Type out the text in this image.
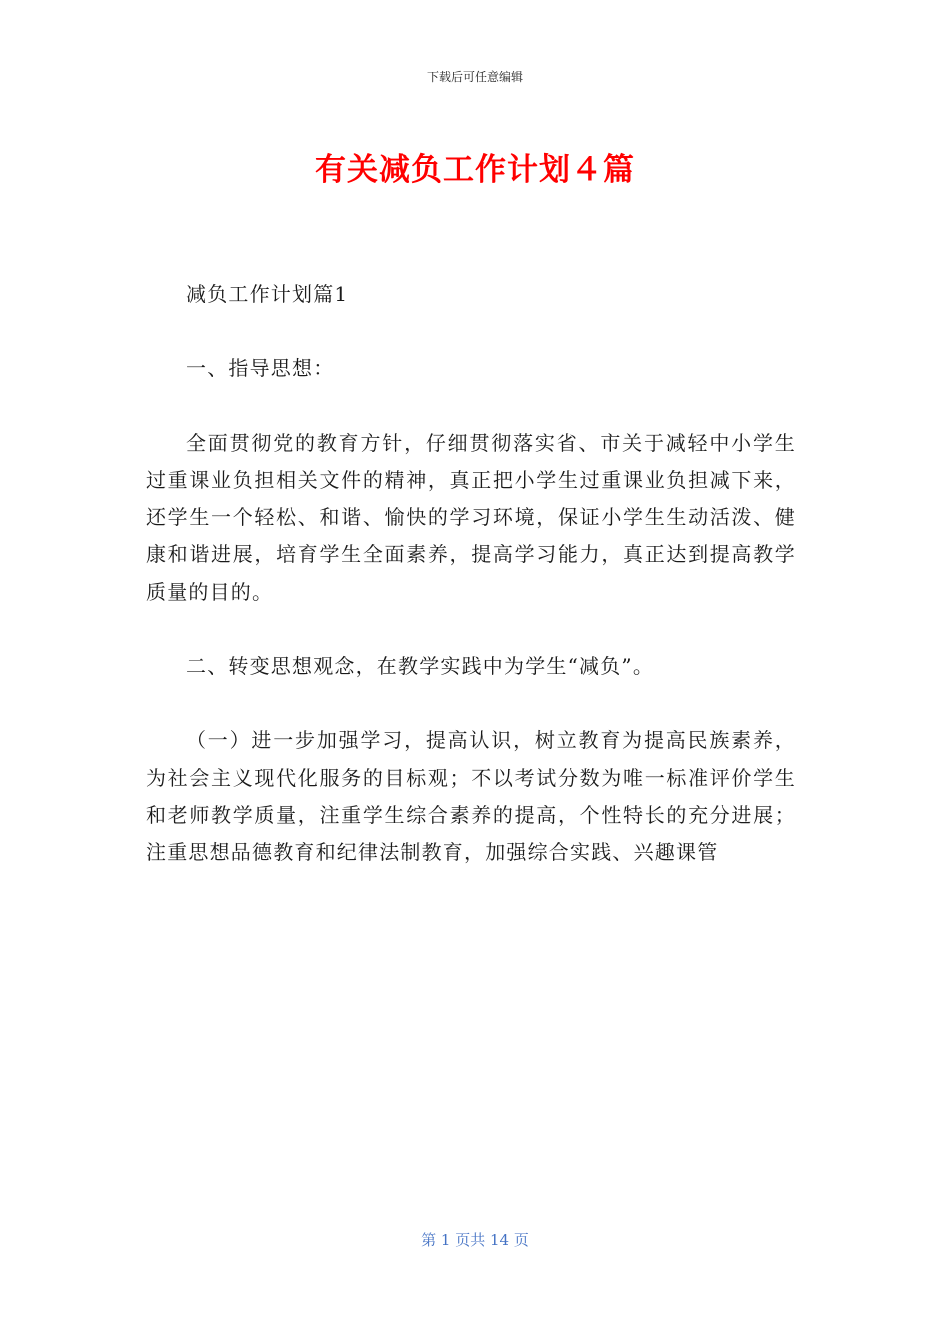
下载后可任意编辑
有关减负工作计划４篇

减负工作计划篇1

一、指导思想：

全面贯彻党的教育方针，仔细贯彻落实省、市关于减轻中小学生过重课业负担相关文件的精神，真正把小学生过重课业负担减下来，还学生一个轻松、和谐、愉快的学习环境，保证小学生生动活泼、健康和谐进展，培育学生全面素养，提高学习能力，真正达到提高教学质量的目的。

二、转变思想观念，在教学实践中为学生“减负”。

（一）进一步加强学习，提高认识，树立教育为提高民族素养，为社会主义现代化服务的目标观；不以考试分数为唯一标准评价学生和老师教学质量，注重学生综合素养的提高，个性特长的充分进展；注重思想品德教育和纪律法制教育，加强综合实践、兴趣课管

第 1 页共 14 页
